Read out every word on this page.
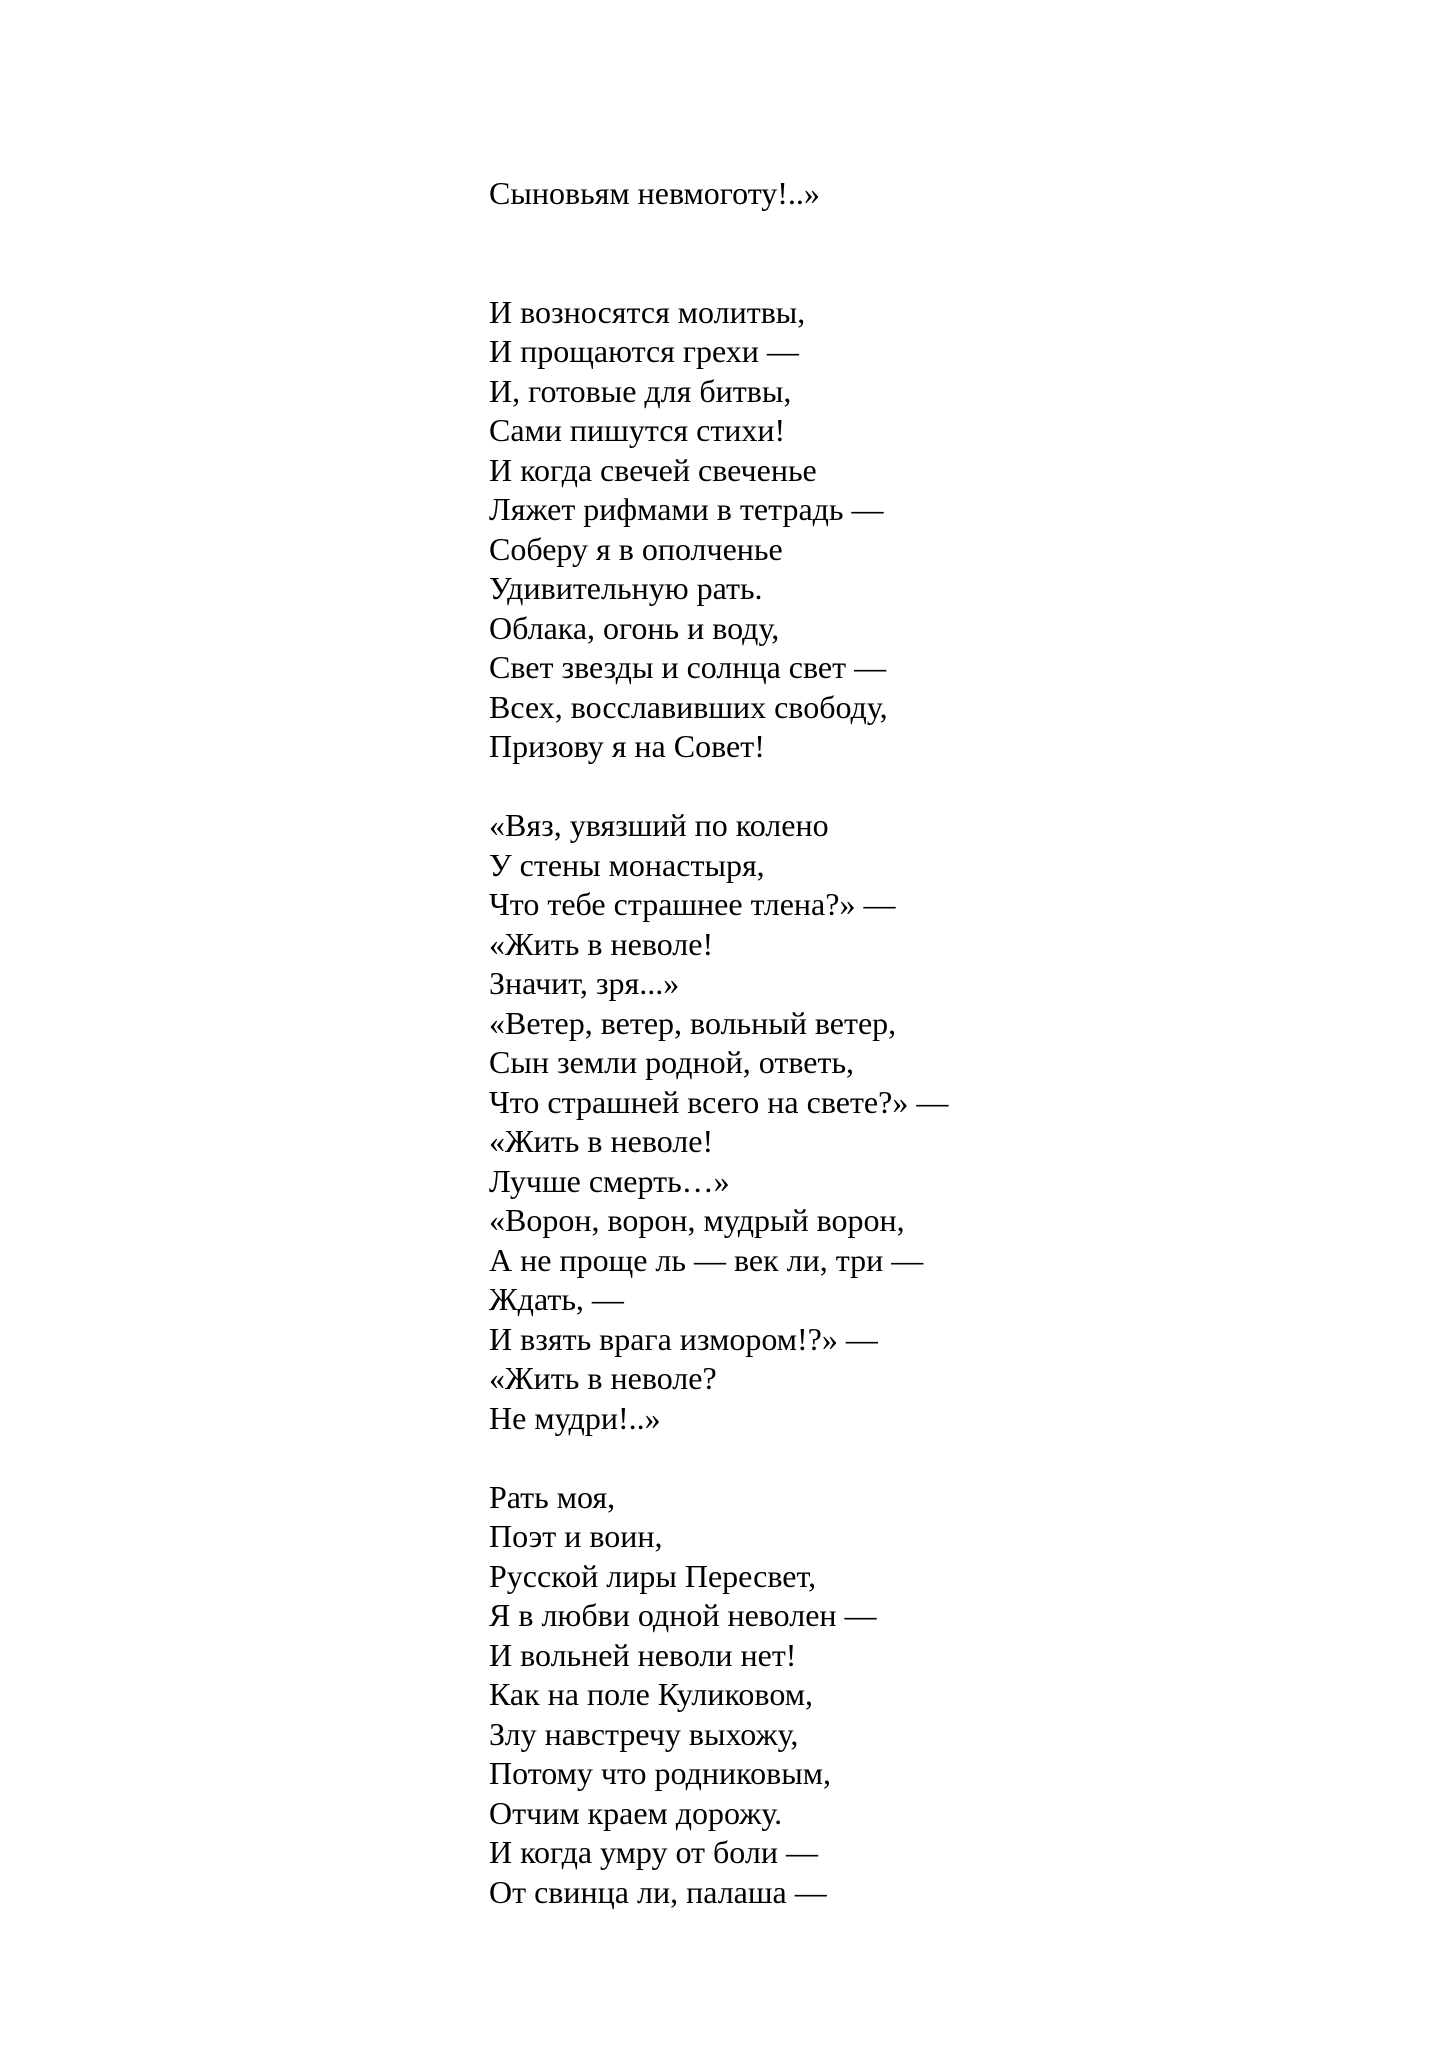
Сыновьям невмоготу!..»
И возносятся молитвы,
И прощаются грехи —
И, готовые для битвы,
Сами пишутся стихи!
И когда свечей свеченье
Ляжет рифмами в тетрадь —
Соберу я в ополченье
Удивительную рать.
Облака, огонь и воду,
Свет звезды и солнца свет —
Всех, восславивших свободу,
Призову я на Совет!
«Вяз, увязший по колено
У стены монастыря,
Что тебе страшнее тлена?» —
«Жить в неволе!
Значит, зря...»
«Ветер, ветер, вольный ветер,
Сын земли родной, ответь,
Что страшней всего на свете?» —
«Жить в неволе!
Лучше смерть…»
«Ворон, ворон, мудрый ворон,
А не проще ль — век ли, три —
Ждать, —
И взять врага измором!?» —
«Жить в неволе?
Не мудри!..»
Рать моя,
Поэт и воин,
Русской лиры Пересвет,
Я в любви одной неволен —
И вольней неволи нет!
Как на поле Куликовом,
Злу навстречу выхожу,
Потому что родниковым,
Отчим краем дорожу.
И когда умру от боли —
От свинца ли, палаша —
